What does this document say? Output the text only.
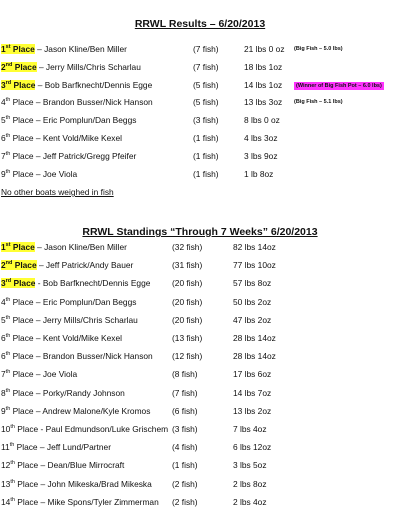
RRWL Results – 6/20/2013
1st Place – Jason Kline/Ben Miller	(7 fish)	21 lbs 0 oz (Big Fish – 5.0 lbs)
2nd Place – Jerry Mills/Chris Scharlau	(7 fish)	18 lbs 1oz
3rd Place – Bob Barfknecht/Dennis Egge	(5 fish)	14 lbs 1oz	(Winner of Big Fish Pot – 6.0 lbs)
4th Place – Brandon Busser/Nick Hanson	(5 fish)	13 lbs 3oz (Big Fish – 5.1 lbs)
5th Place – Eric Pomplun/Dan Beggs	(3 fish)	8 lbs 0 oz
6th Place – Kent Vold/Mike Kexel	(1 fish)	4 lbs 3oz
7th Place – Jeff Patrick/Gregg Pfeifer	(1 fish)	3 lbs 9oz
9th Place – Joe Viola	(1 fish)	1 lb 8oz
No other boats weighed in fish
RRWL Standings “Through 7 Weeks” 6/20/2013
1st Place – Jason Kline/Ben Miller	(32 fish)	82 lbs 14oz
2nd Place – Jeff Patrick/Andy Bauer	(31 fish)	77 lbs 10oz
3rd Place - Bob Barfknecht/Dennis Egge	(20 fish)	57 lbs 8oz
4th Place – Eric Pomplun/Dan Beggs	(20 fish)	50 lbs 2oz
5th Place – Jerry Mills/Chris Scharlau	(20 fish)	47 lbs 2oz
6th Place – Kent Vold/Mike Kexel	(13 fish)	28 lbs 14oz
6th Place – Brandon Busser/Nick Hanson (12 fish)	28 lbs 14oz
7th Place – Joe Viola	(8 fish)	17 lbs 6oz
8th Place – Porky/Randy Johnson	(7 fish)	14 lbs 7oz
9th Place – Andrew Malone/Kyle Kromos	(6 fish)	13 lbs 2oz
10th Place - Paul Edmundson/Luke Grischem (3 fish)	7 lbs 4oz
11th Place – Jeff Lund/Partner	(4 fish)	6 lbs 12oz
12th Place – Dean/Blue Mirrocraft	(1 fish)	3 lbs 5oz
13th Place – John Mikeska/Brad Mikeska (2 fish)	2 lbs 8oz
14th Place – Mike Spons/Tyler Zimmerman (2 fish)	2 lbs 4oz
